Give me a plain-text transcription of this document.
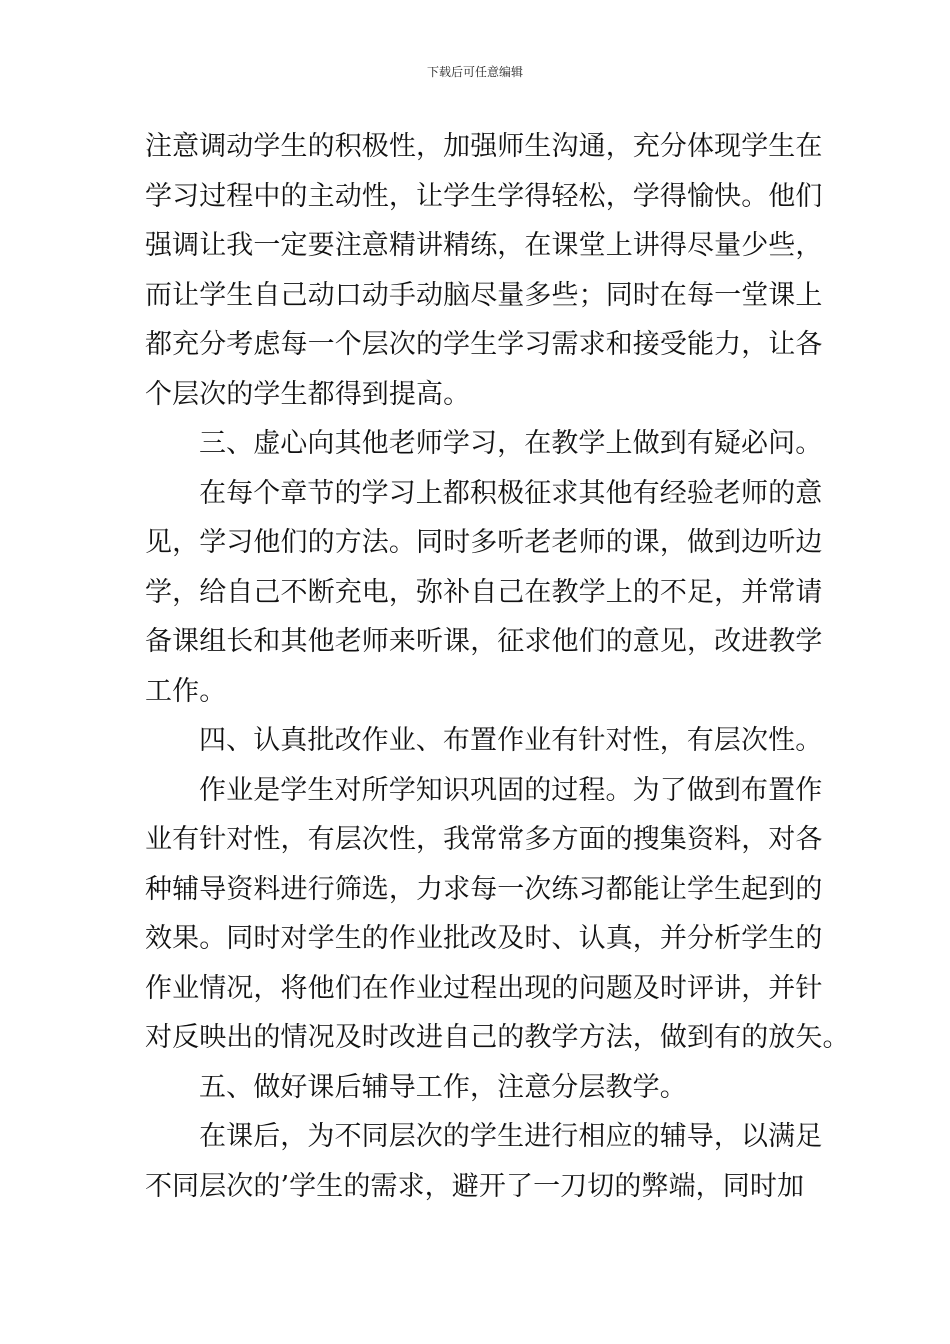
下载后可任意编辑
注意调动学生的积极性，加强师生沟通，充分体现学生在
学习过程中的主动性，让学生学得轻松，学得愉快。他们
强调让我一定要注意精讲精练，在课堂上讲得尽量少些，
而让学生自己动口动手动脑尽量多些；同时在每一堂课上
都充分考虑每一个层次的学生学习需求和接受能力，让各
个层次的学生都得到提高。
三、虚心向其他老师学习，在教学上做到有疑必问。
在每个章节的学习上都积极征求其他有经验老师的意
见，学习他们的方法。同时多听老老师的课，做到边听边
学，给自己不断充电，弥补自己在教学上的不足，并常请
备课组长和其他老师来听课，征求他们的意见，改进教学
工作。
四、认真批改作业、布置作业有针对性，有层次性。
作业是学生对所学知识巩固的过程。为了做到布置作
业有针对性，有层次性，我常常多方面的搜集资料，对各
种辅导资料进行筛选，力求每一次练习都能让学生起到的
效果。同时对学生的作业批改及时、认真，并分析学生的
作业情况，将他们在作业过程出现的问题及时评讲，并针
对反映出的情况及时改进自己的教学方法，做到有的放矢。
五、做好课后辅导工作，注意分层教学。
在课后，为不同层次的学生进行相应的辅导，以满足
不同层次的’学生的需求，避开了一刀切的弊端，同时加
